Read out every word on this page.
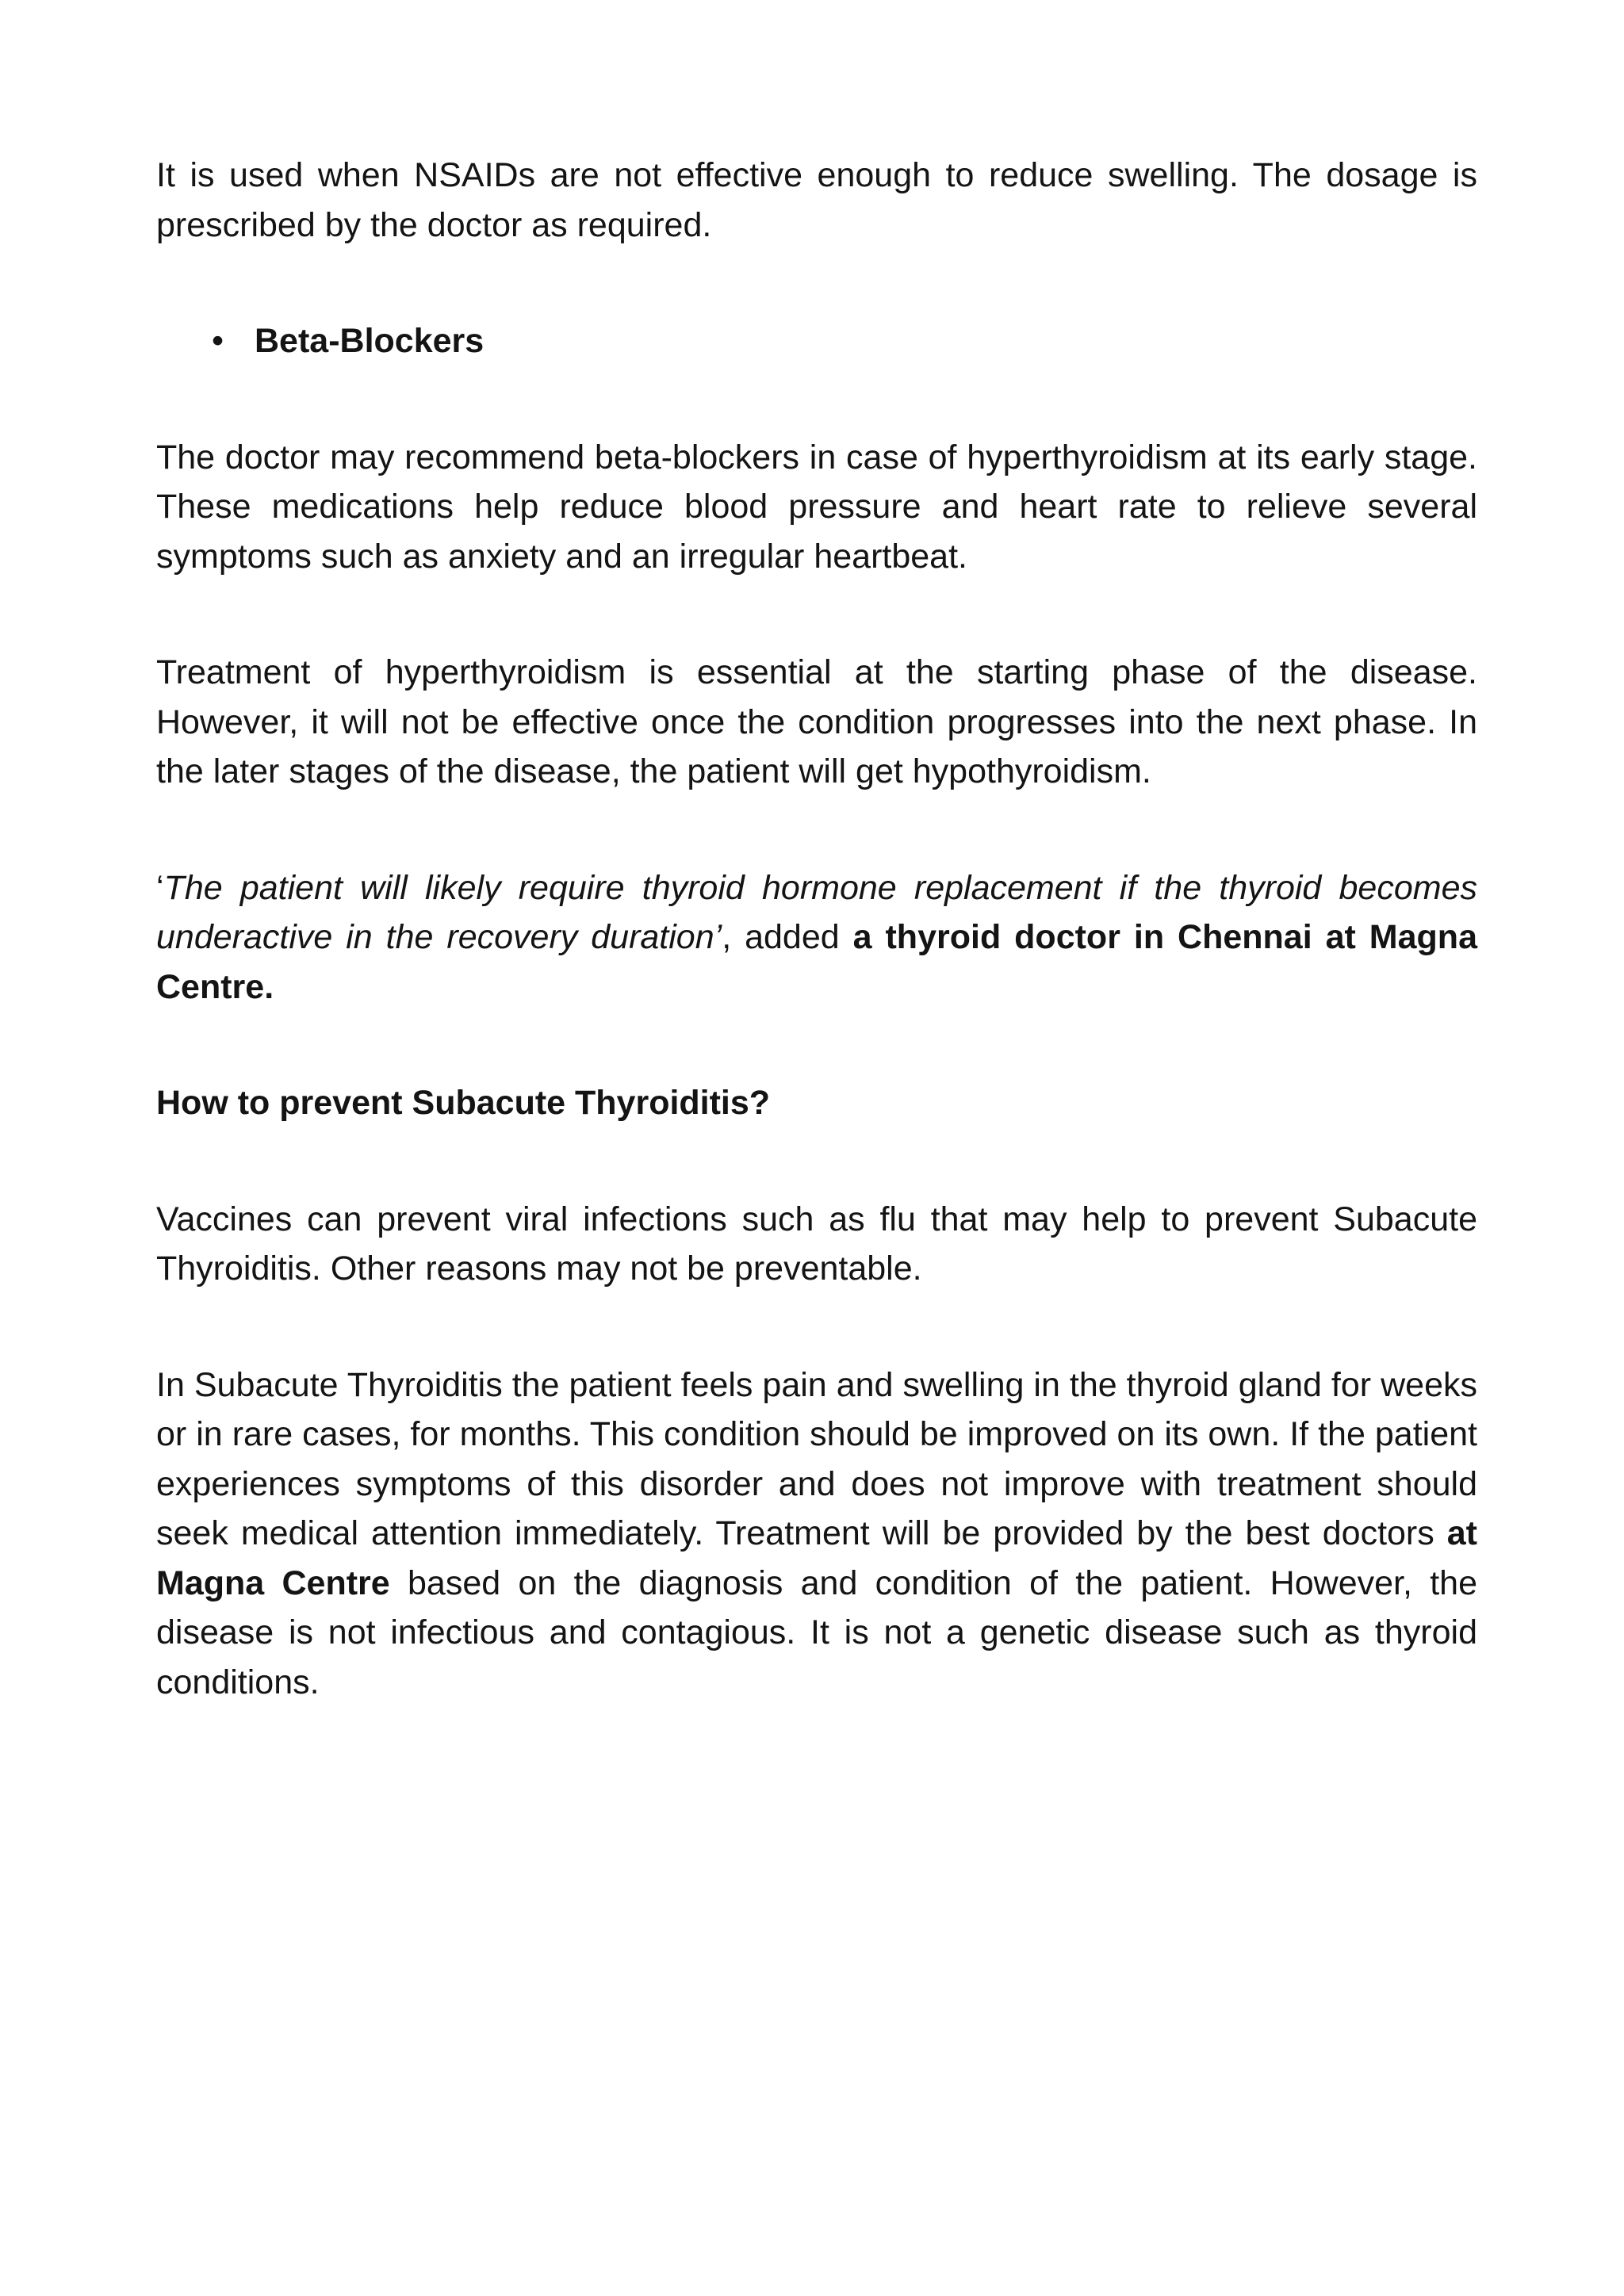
It is used when NSAIDs are not effective enough to reduce swelling. The dosage is prescribed by the doctor as required.

• Beta-Blockers

The doctor may recommend beta-blockers in case of hyperthyroidism at its early stage. These medications help reduce blood pressure and heart rate to relieve several symptoms such as anxiety and an irregular heartbeat.

Treatment of hyperthyroidism is essential at the starting phase of the disease. However, it will not be effective once the condition progresses into the next phase. In the later stages of the disease, the patient will get hypothyroidism.

‘The patient will likely require thyroid hormone replacement if the thyroid becomes underactive in the recovery duration’, added a thyroid doctor in Chennai at Magna Centre.

How to prevent Subacute Thyroiditis?

Vaccines can prevent viral infections such as flu that may help to prevent Subacute Thyroiditis. Other reasons may not be preventable.

In Subacute Thyroiditis the patient feels pain and swelling in the thyroid gland for weeks or in rare cases, for months. This condition should be improved on its own. If the patient experiences symptoms of this disorder and does not improve with treatment should seek medical attention immediately. Treatment will be provided by the best doctors at Magna Centre based on the diagnosis and condition of the patient. However, the disease is not infectious and contagious. It is not a genetic disease such as thyroid conditions.
